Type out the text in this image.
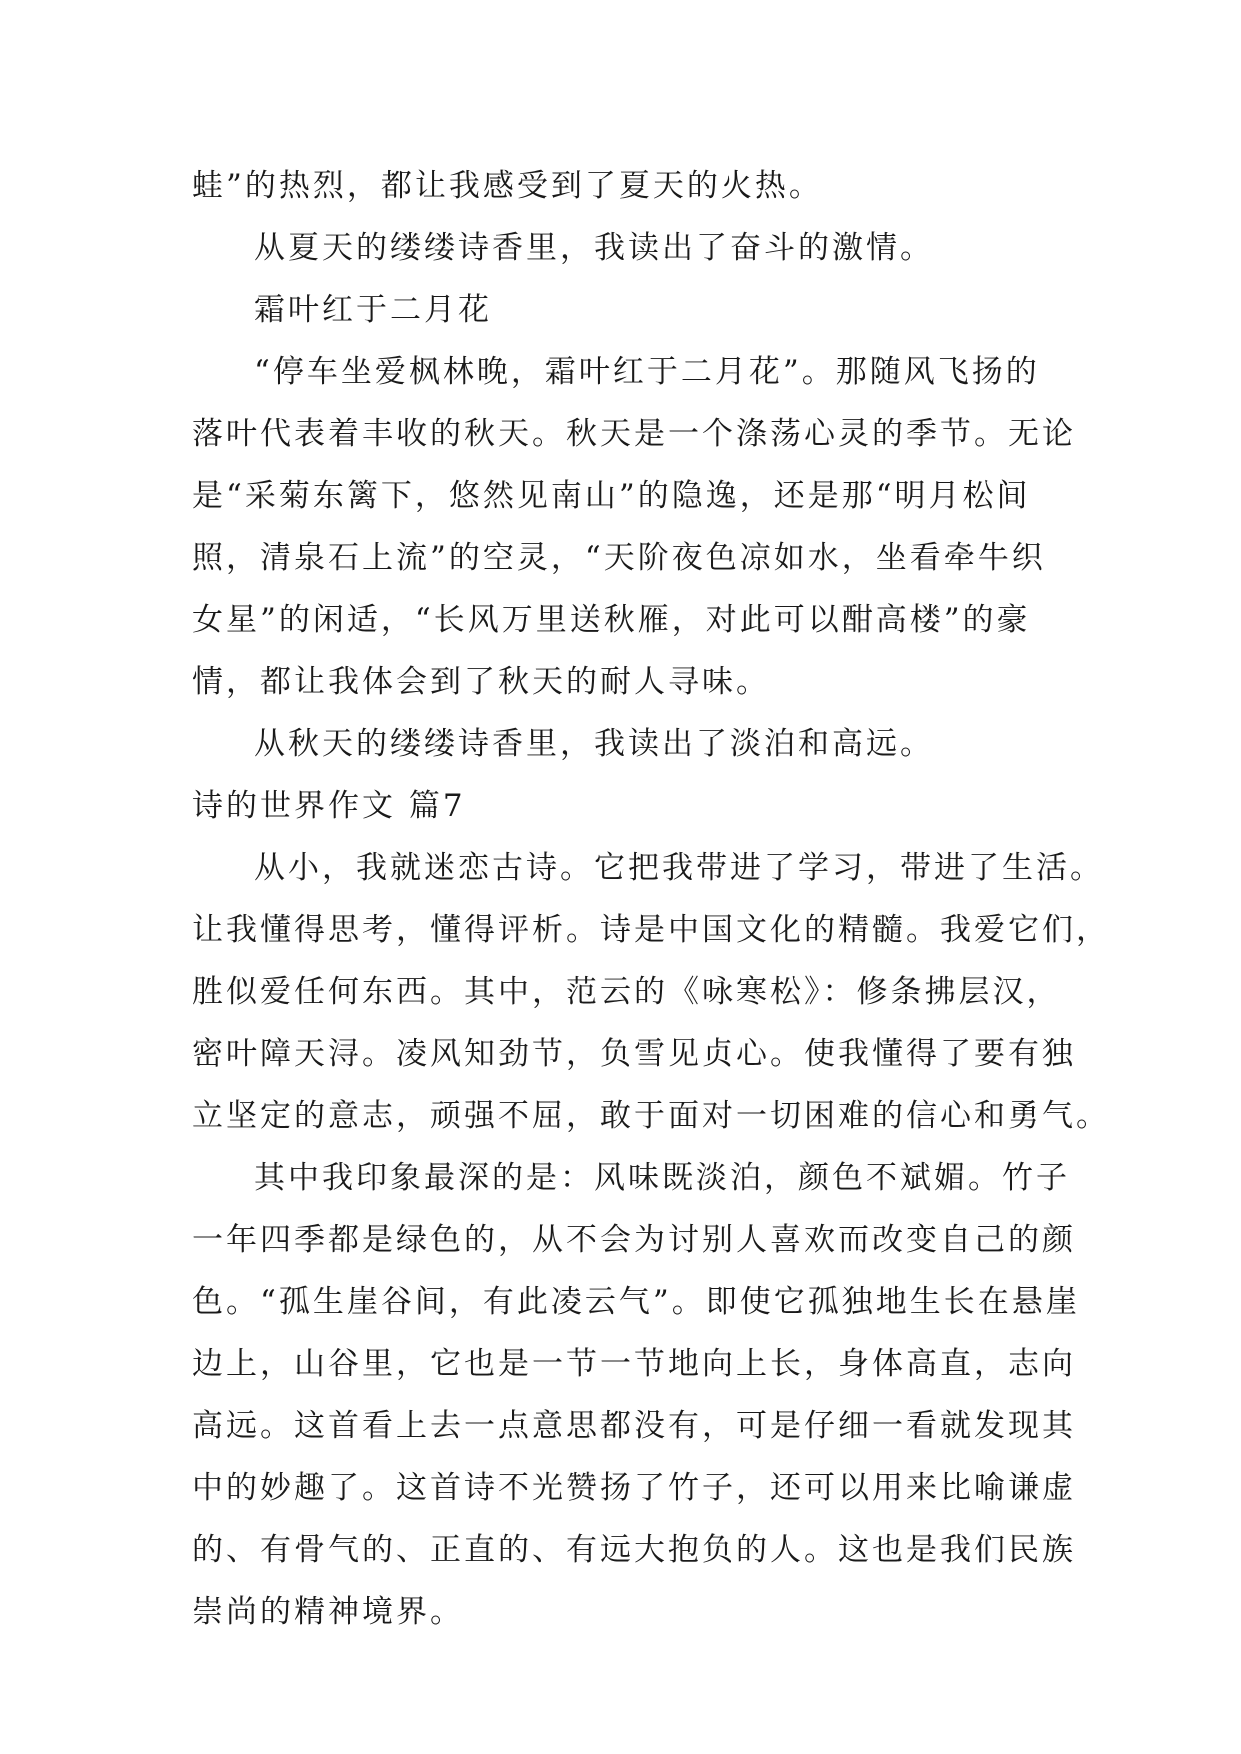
蛙”的热烈，都让我感受到了夏天的火热。
从夏天的缕缕诗香里，我读出了奋斗的激情。
霜叶红于二月花
“停车坐爱枫林晚，霜叶红于二月花”。那随风飞扬的
落叶代表着丰收的秋天。秋天是一个涤荡心灵的季节。无论
是“采菊东篱下，悠然见南山”的隐逸，还是那“明月松间
照，清泉石上流”的空灵，“天阶夜色凉如水，坐看牵牛织
女星”的闲适，“长风万里送秋雁，对此可以酣高楼”的豪
情，都让我体会到了秋天的耐人寻味。
从秋天的缕缕诗香里，我读出了淡泊和高远。
诗的世界作文 篇7
从小，我就迷恋古诗。它把我带进了学习，带进了生活。
让我懂得思考，懂得评析。诗是中国文化的精髓。我爱它们，
胜似爱任何东西。其中，范云的《咏寒松》：修条拂层汉，
密叶障天浔。凌风知劲节，负雪见贞心。使我懂得了要有独
立坚定的意志，顽强不屈，敢于面对一切困难的信心和勇气。
其中我印象最深的是：风味既淡泊，颜色不斌媚。竹子
一年四季都是绿色的，从不会为讨别人喜欢而改变自己的颜
色。“孤生崖谷间，有此凌云气”。即使它孤独地生长在悬崖
边上，山谷里，它也是一节一节地向上长，身体高直，志向
高远。这首看上去一点意思都没有，可是仔细一看就发现其
中的妙趣了。这首诗不光赞扬了竹子，还可以用来比喻谦虚
的、有骨气的、正直的、有远大抱负的人。这也是我们民族
崇尚的精神境界。
